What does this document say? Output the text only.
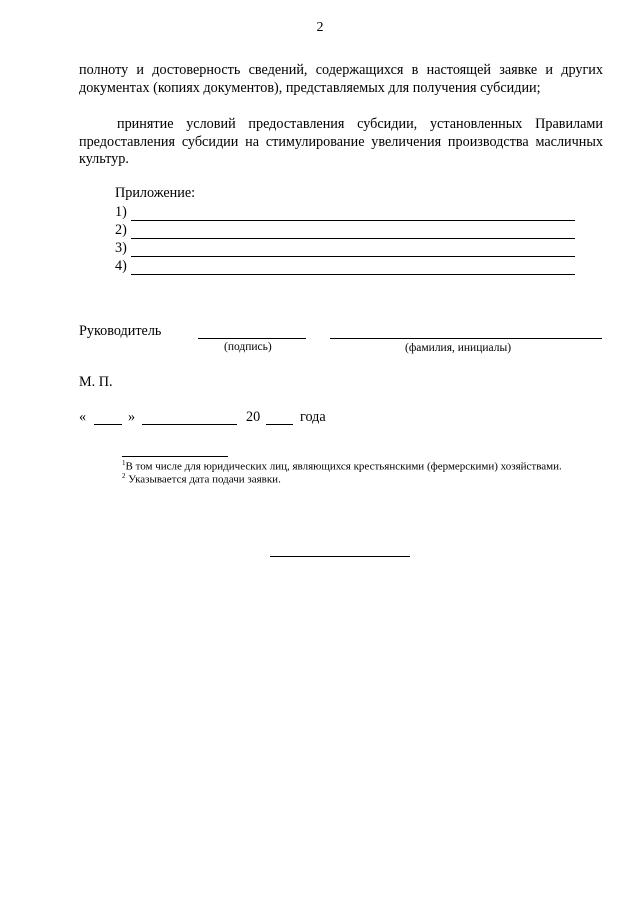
2
полноту и достоверность сведений, содержащихся в настоящей заявке и других документах (копиях документов), представляемых для получения субсидии;
принятие условий предоставления субсидии, установленных Правилами предоставления субсидии на стимулирование увеличения производства масличных культур.
Приложение:
1)
2)
3)
4)
Руководитель
(подпись)	(фамилия, инициалы)
М. П.
«	»	20	года
$^1$В том числе для юридических лиц, являющихся крестьянскими (фермерскими) хозяйствами.
$^2$ Указывается дата подачи заявки.
